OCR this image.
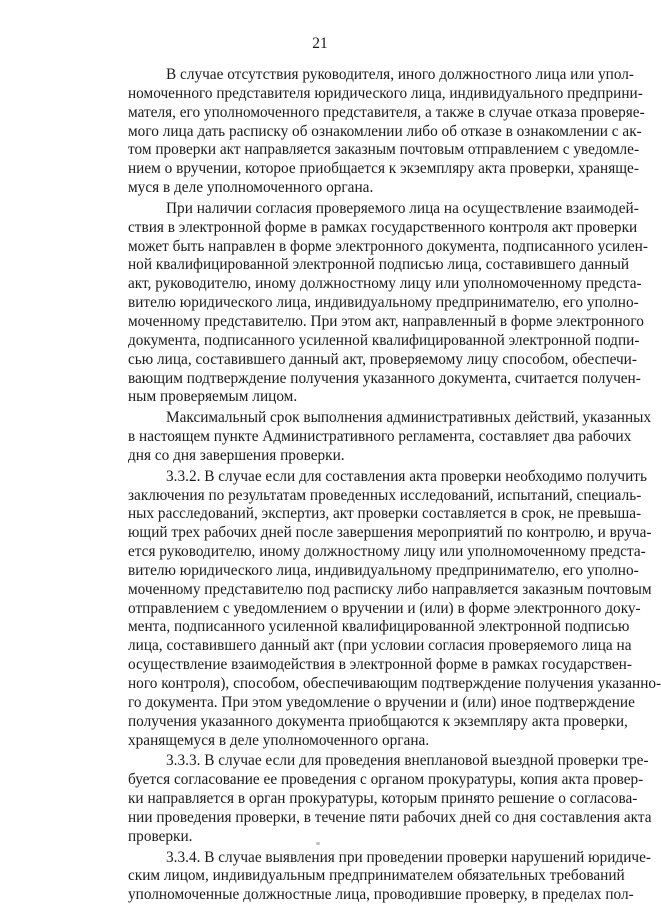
21
В случае отсутствия руководителя, иного должностного лица или упол-
номоченного представителя юридического лица, индивидуального предприни-
мателя, его уполномоченного представителя, а также в случае отказа проверяе-
мого лица дать расписку об ознакомлении либо об отказе в ознакомлении с ак-
том проверки акт направляется заказным почтовым отправлением с уведомле-
нием о вручении, которое приобщается к экземпляру акта проверки, хранящe-
муся в деле уполномоченного органа.
При наличии согласия проверяемого лица на осуществление взаимодей-
ствия в электронной форме в рамках государственного контроля акт проверки
может быть направлен в форме электронного документа, подписанного усилен-
ной квалифицированной электронной подписью лица, составившего данный
акт, руководителю, иному должностному лицу или уполномоченному предста-
вителю юридического лица, индивидуальному предпринимателю, его уполно-
моченному представителю. При этом акт, направленный в форме электронного
документа, подписанного усиленной квалифицированной электронной подпи-
сью лица, составившего данный акт, проверяемому лицу способом, обеспечи-
вающим подтверждение получения указанного документа, считается получен-
ным проверяемым лицом.
Максимальный срок выполнения административных действий, указанных
в настоящем пункте Административного регламента, составляет два рабочих
дня со дня завершения проверки.
3.3.2. В случае если для составления акта проверки необходимо получить
заключения по результатам проведенных исследований, испытаний, специаль-
ных расследований, экспертиз, акт проверки составляется в срок, не превыша-
ющий трех рабочих дней после завершения мероприятий по контролю, и вруча-
ется руководителю, иному должностному лицу или уполномоченному предста-
вителю юридического лица, индивидуальному предпринимателю, его уполно-
моченному представителю под расписку либо направляется заказным почтовым
отправлением с уведомлением о вручении и (или) в форме электронного доку-
мента, подписанного усиленной квалифицированной электронной подписью
лица, составившего данный акт (при условии согласия проверяемого лица на
осуществление взаимодействия в электронной форме в рамках государствен-
ного контроля), способом, обеспечивающим подтверждение получения указанно-
го документа. При этом уведомление о вручении и (или) иное подтверждение
получения указанного документа приобщаются к экземпляру акта проверки,
хранящемуся в деле уполномоченного органа.
3.3.3. В случае если для проведения внеплановой выездной проверки тре-
буется согласование ее проведения с органом прокуратуры, копия акта провер-
ки направляется в орган прокуратуры, которым принято решение о согласова-
нии проведения проверки, в течение пяти рабочих дней со дня составления акта
проверки.
3.3.4. В случае выявления при проведении проверки нарушений юридиче-
ским лицом, индивидуальным предпринимателем обязательных требований
уполномоченные должностные лица, проводившие проверку, в пределах пол-
